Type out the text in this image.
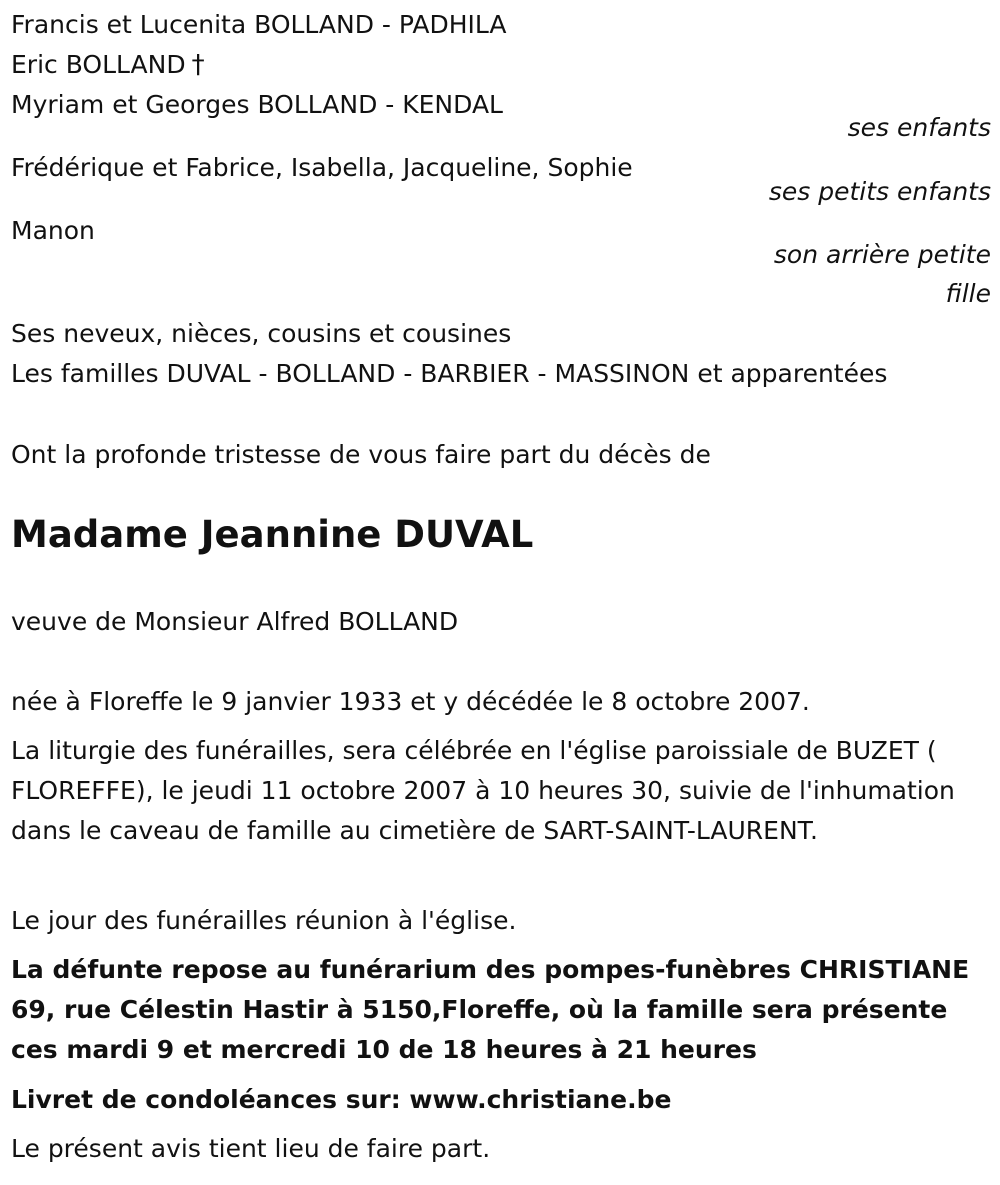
Francis et Lucenita BOLLAND - PADHILA
Eric BOLLAND †
Myriam et Georges BOLLAND - KENDAL
ses enfants
Frédérique et Fabrice, Isabella, Jacqueline, Sophie
ses petits enfants
Manon
son arrière petite
fille
Ses neveux, nièces, cousins et cousines
Les familles DUVAL - BOLLAND - BARBIER - MASSINON et apparentées
Ont la profonde tristesse de vous faire part du décès de
Madame Jeannine DUVAL
veuve de Monsieur Alfred BOLLAND
née à Floreffe le 9 janvier 1933 et y décédée le 8 octobre 2007.
La liturgie des funérailles, sera célébrée en l'église paroissiale de BUZET ( FLOREFFE), le jeudi 11 octobre 2007 à 10 heures 30, suivie de l'inhumation dans le caveau de famille au cimetière de SART-SAINT-LAURENT.
Le jour des funérailles réunion à l'église.
La défunte repose au funérarium des pompes-funèbres CHRISTIANE 69, rue Célestin Hastir à 5150,Floreffe, où la famille sera présente ces mardi 9 et mercredi 10 de 18 heures à 21 heures
Livret de condoléances sur: www.christiane.be
Le présent avis tient lieu de faire part.
